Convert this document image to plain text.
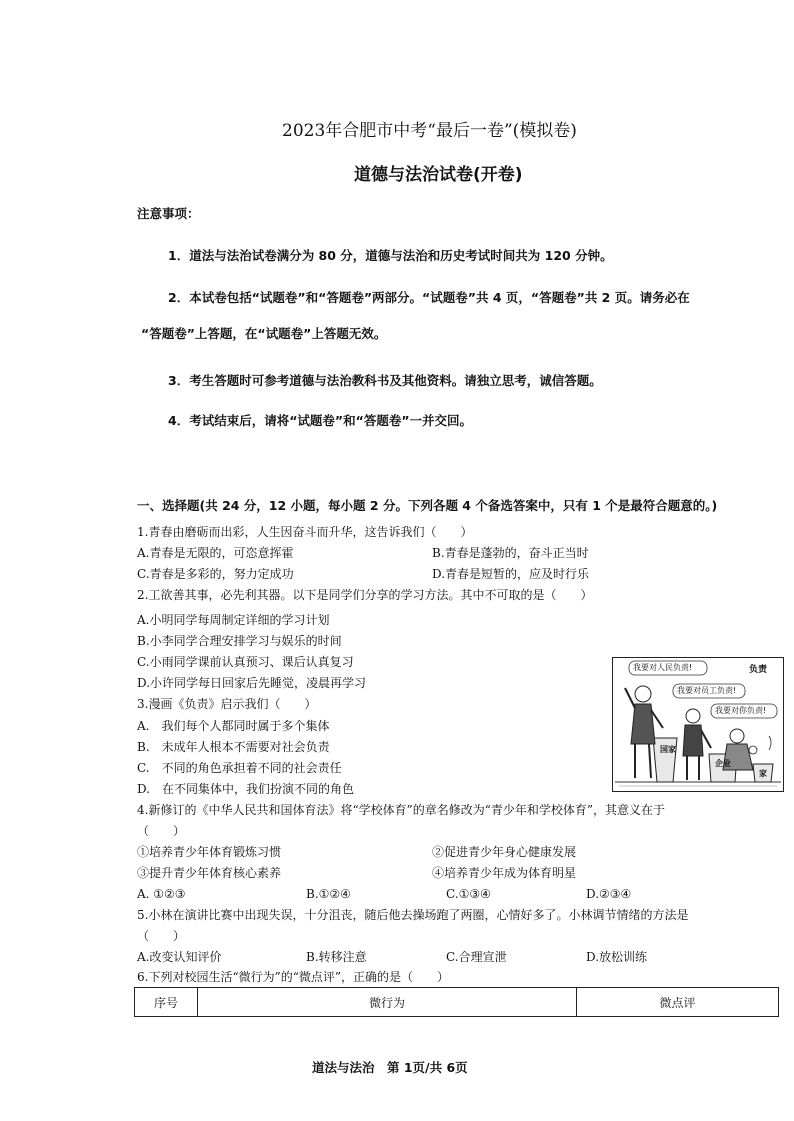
2023年合肥市中考“最后一卷”(模拟卷)
道德与法治试卷(开卷)
注意事项：
1．道法与法治试卷满分为 80 分，道德与法治和历史考试时间共为 120 分钟。
2．本试卷包括“试题卷”和“答题卷”两部分。“试题卷”共 4 页，“答题卷”共 2 页。请务必在
“答题卷”上答题，在“试题卷”上答题无效。
3．考生答题时可参考道德与法治教科书及其他资料。请独立思考，诚信答题。
4．考试结束后，请将“试题卷”和“答题卷”一并交回。
一、选择题(共 24 分，12 小题，每小题 2 分。下列各题 4 个备选答案中，只有 1 个是最符合题意的。)
1.青春由磨砺而出彩，人生因奋斗而升华，这告诉我们（　　）
A.青春是无限的，可恣意挥霍	B.青春是蓬勃的，奋斗正当时
C.青春是多彩的，努力定成功	D.青春是短暂的，应及时行乐
2.工欲善其事，必先利其器。以下是同学们分享的学习方法。其中不可取的是（　　）
A.小明同学每周制定详细的学习计划
B.小李同学合理安排学习与娱乐的时间
C.小雨同学课前认真预习、课后认真复习
D.小许同学每日回家后先睡觉，凌晨再学习
3.漫画《负责》启示我们（　　）
A.　我们每个人都同时属于多个集体
B.　未成年人根本不需要对社会负责
C.　不同的角色承担着不同的社会责任
D.　在不同集体中，我们扮演不同的角色
我要对人民负责!	负责
我要对员工负责!
我要对你负责!
国家
企业
家
4.新修订的《中华人民共和国体育法》将“学校体育”的章名修改为“青少年和学校体育”，其意义在于
（　　）
①培养青少年体育锻炼习惯	②促进青少年身心健康发展
③提升青少年体育核心素养	④培养青少年成为体育明星
A. ①②③	B.①②④	C.①③④	D.②③④
5.小林在演讲比赛中出现失误，十分沮丧，随后他去操场跑了两圈，心情好多了。小林调节情绪的方法是
（　　）
A.改变认知评价	B.转移注意	C.合理宣泄	D.放松训练
6.下列对校园生活“微行为”的“微点评”，正确的是（　　）
序号	微行为	微点评
道法与法治　第 1页/共 6页
